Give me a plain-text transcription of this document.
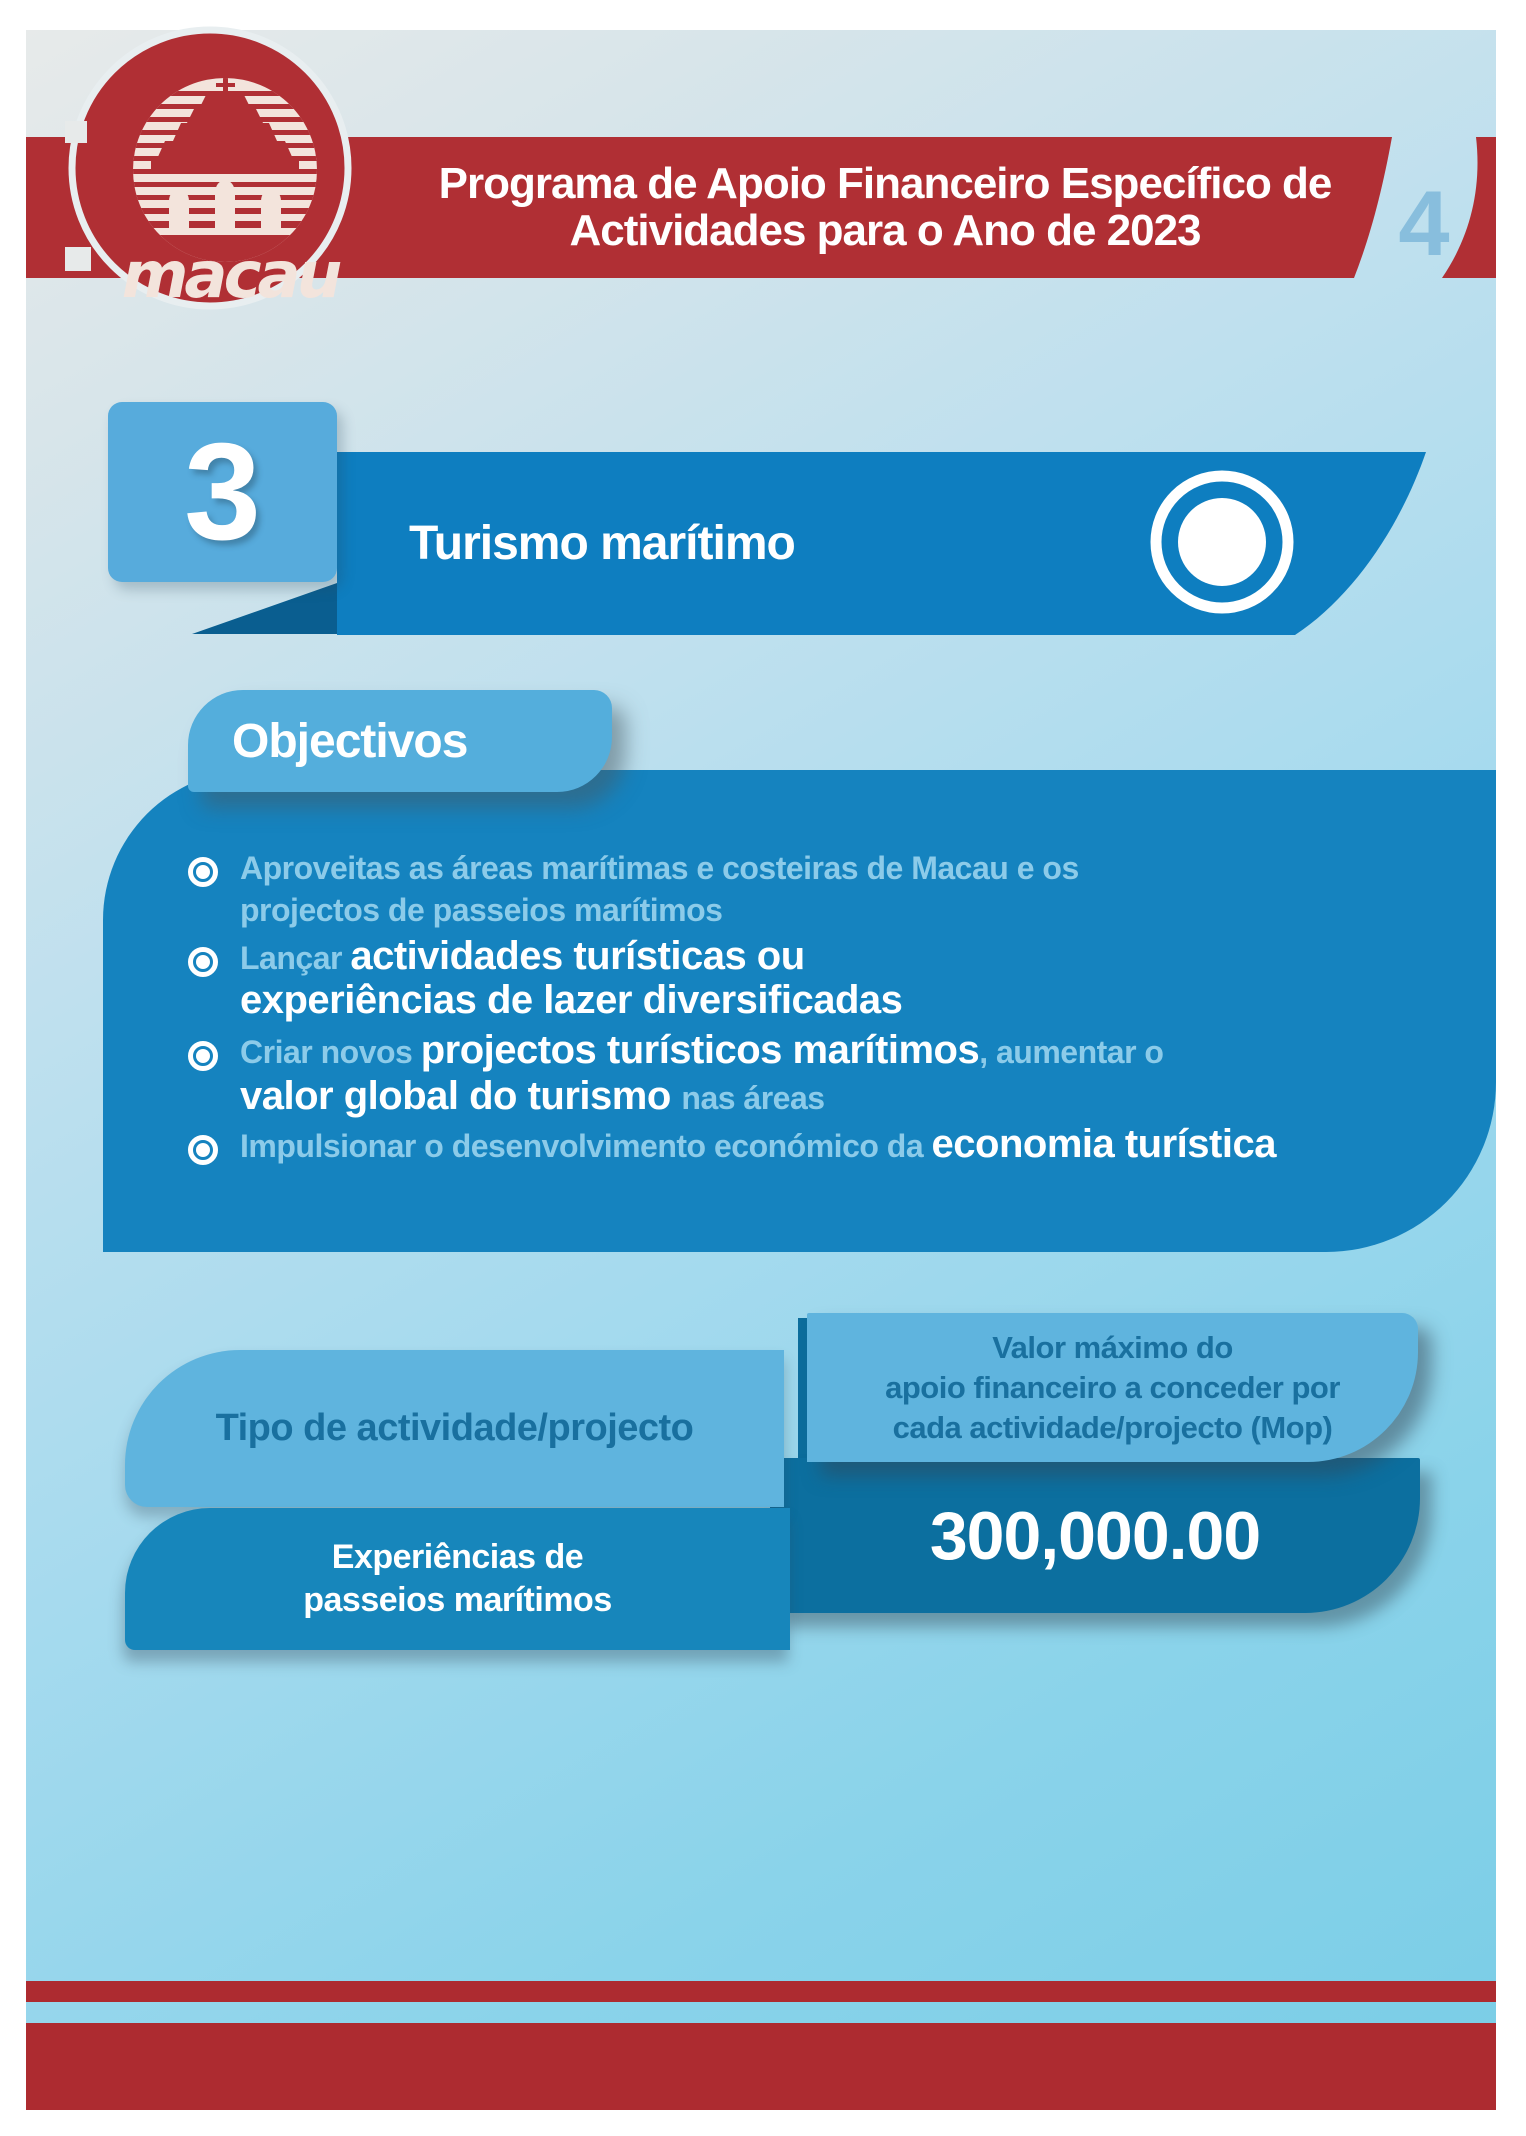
Programa de Apoio Financeiro Específico de
Actividades para o Ano de 2023	4
macau
3	Turismo marítimo
Objectivos
Aproveitas as áreas marítimas e costeiras de Macau e os
projectos de passeios marítimos
Lançar actividades turísticas ou
experiências de lazer diversificadas
Criar novos projectos turísticos marítimos, aumentar o
valor global do turismo nas áreas
Impulsionar o desenvolvimento económico da economia turística
Tipo de actividade/projecto
Valor máximo do
apoio financeiro a conceder por
cada actividade/projecto (Mop)
300,000.00
Experiências de
passeios marítimos
